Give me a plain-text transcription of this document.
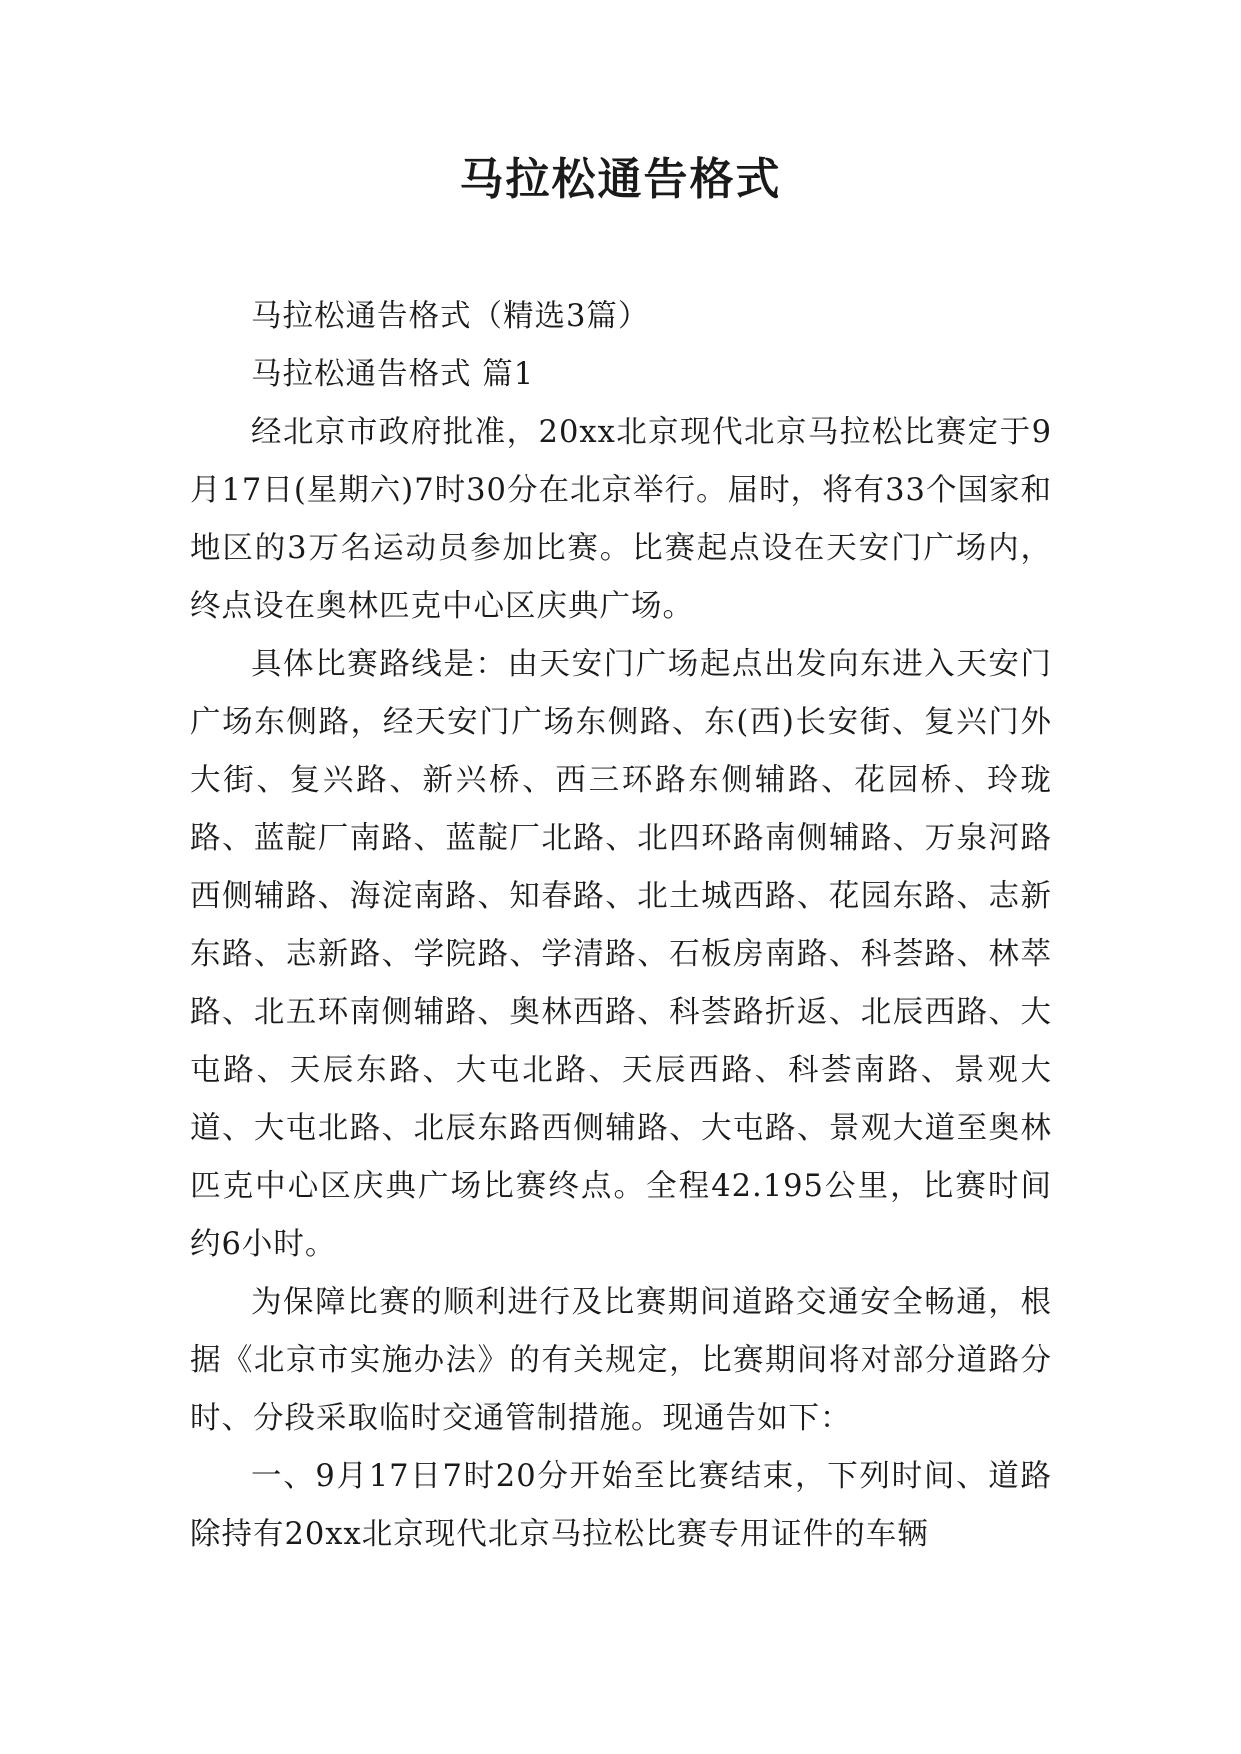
马拉松通告格式

马拉松通告格式（精选3篇）

马拉松通告格式 篇1

经北京市政府批准，20xx北京现代北京马拉松比赛定于9月17日(星期六)7时30分在北京举行。届时，将有33个国家和地区的3万名运动员参加比赛。比赛起点设在天安门广场内，终点设在奥林匹克中心区庆典广场。

具体比赛路线是：由天安门广场起点出发向东进入天安门广场东侧路，经天安门广场东侧路、东(西)长安街、复兴门外大街、复兴路、新兴桥、西三环路东侧辅路、花园桥、玲珑路、蓝靛厂南路、蓝靛厂北路、北四环路南侧辅路、万泉河路西侧辅路、海淀南路、知春路、北土城西路、花园东路、志新东路、志新路、学院路、学清路、石板房南路、科荟路、林萃路、北五环南侧辅路、奥林西路、科荟路折返、北辰西路、大屯路、天辰东路、大屯北路、天辰西路、科荟南路、景观大道、大屯北路、北辰东路西侧辅路、大屯路、景观大道至奥林匹克中心区庆典广场比赛终点。全程42.195公里，比赛时间约6小时。

为保障比赛的顺利进行及比赛期间道路交通安全畅通，根据《北京市实施办法》的有关规定，比赛期间将对部分道路分时、分段采取临时交通管制措施。现通告如下：

一、9月17日7时20分开始至比赛结束，下列时间、道路除持有20xx北京现代北京马拉松比赛专用证件的车辆
